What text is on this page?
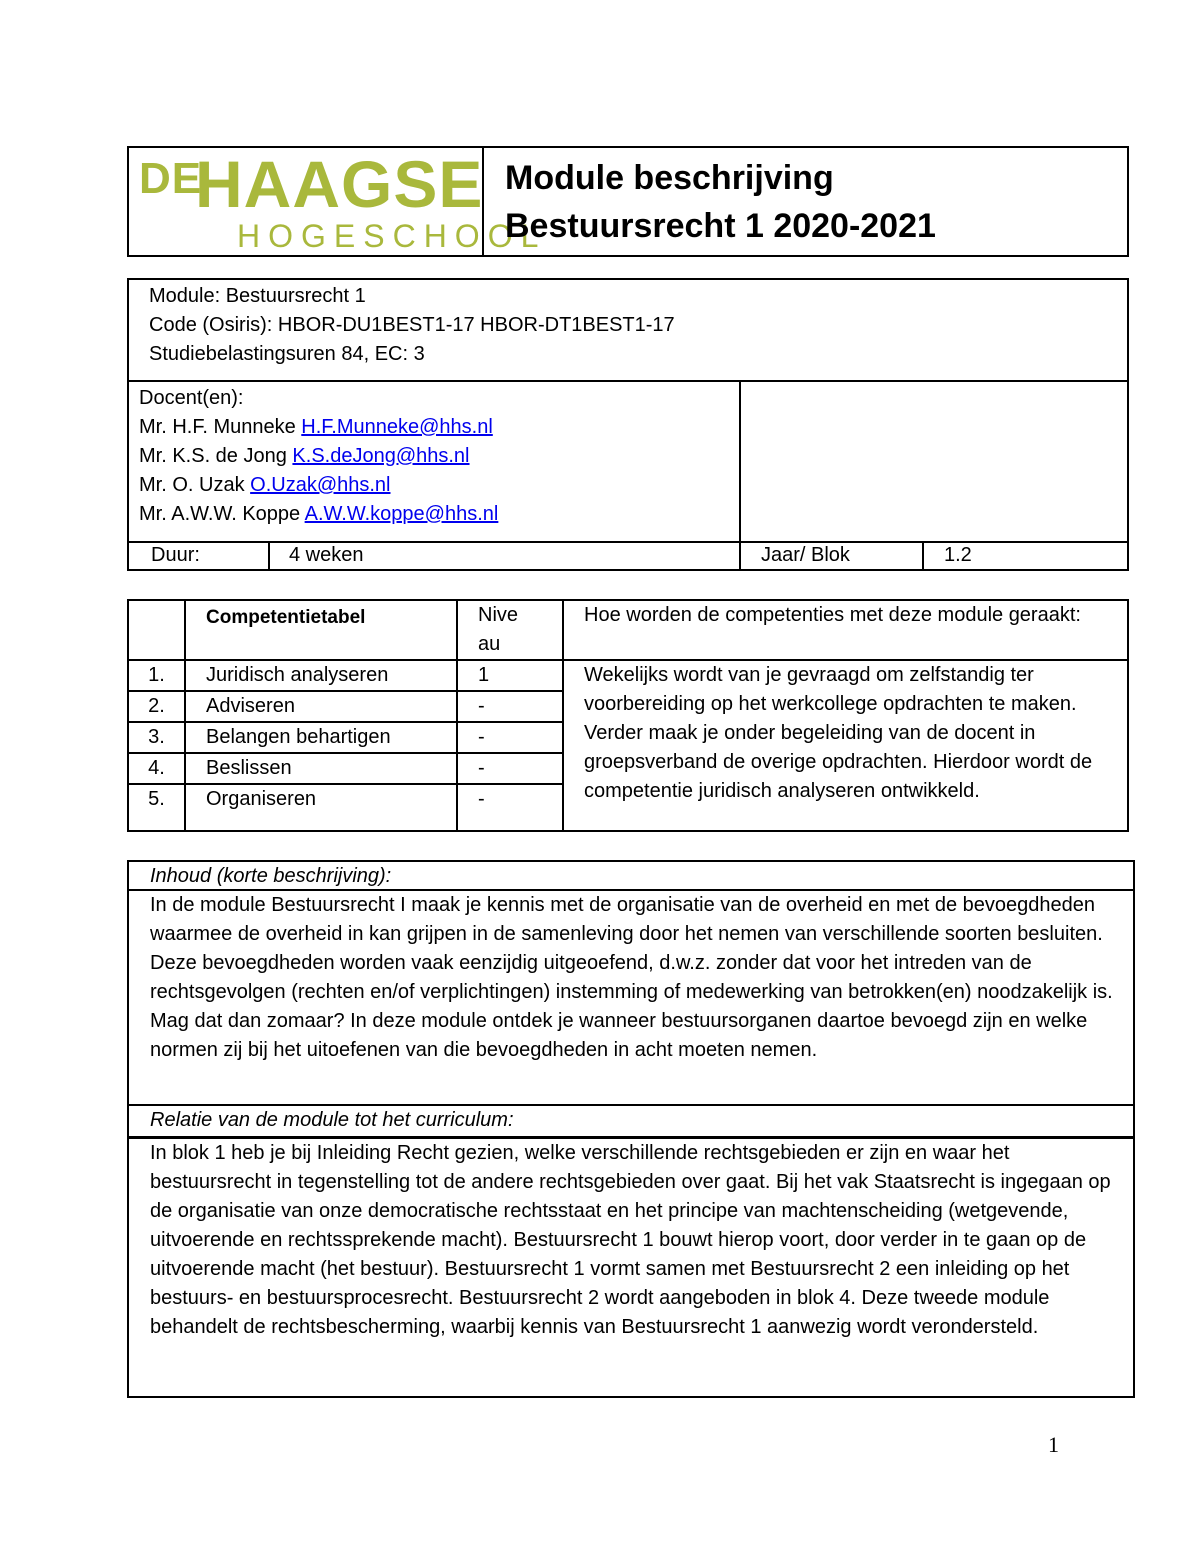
DE
HAAGSE
HOGESCHOOL
Module beschrijving
Bestuursrecht 1 2020-2021
Module: Bestuursrecht 1
Code (Osiris): HBOR-DU1BEST1-17 HBOR-DT1BEST1-17
Studiebelastingsuren 84, EC: 3
Docent(en):
Mr. H.F. Munneke H.F.Munneke@hhs.nl
Mr. K.S. de Jong K.S.deJong@hhs.nl
Mr. O. Uzak O.Uzak@hhs.nl
Mr. A.W.W. Koppe A.W.W.koppe@hhs.nl
Duur:	4 weken	Jaar/ Blok	1.2
	Competentietabel	Nive
au	Hoe worden de competenties met deze module geraakt:
1.	Juridisch analyseren	1	Wekelijks wordt van je gevraagd om zelfstandig ter voorbereiding op het werkcollege opdrachten te maken. Verder maak je onder begeleiding van de docent in groepsverband de overige opdrachten. Hierdoor wordt de competentie juridisch analyseren ontwikkeld.
2.	Adviseren	-	
3.	Belangen behartigen	-	
4.	Beslissen	-	
5.	Organiseren	-	
Inhoud (korte beschrijving):
In de module Bestuursrecht I maak je kennis met de organisatie van de overheid en met de bevoegdheden waarmee de overheid in kan grijpen in de samenleving door het nemen van verschillende soorten besluiten. Deze bevoegdheden worden vaak eenzijdig uitgeoefend, d.w.z. zonder dat voor het intreden van de rechtsgevolgen (rechten en/of verplichtingen) instemming of medewerking van betrokken(en) noodzakelijk is. Mag dat dan zomaar? In deze module ontdek je wanneer bestuursorganen daartoe bevoegd zijn en welke normen zij bij het uitoefenen van die bevoegdheden in acht moeten nemen.
Relatie van de module tot het curriculum:
In blok 1 heb je bij Inleiding Recht gezien, welke verschillende rechtsgebieden er zijn en waar het bestuursrecht in tegenstelling tot de andere rechtsgebieden over gaat. Bij het vak Staatsrecht is ingegaan op de organisatie van onze democratische rechtsstaat en het principe van machtenscheiding (wetgevende, uitvoerende en rechtssprekende macht). Bestuursrecht 1 bouwt hierop voort, door verder in te gaan op de uitvoerende macht (het bestuur). Bestuursrecht 1 vormt samen met Bestuursrecht 2 een inleiding op het bestuurs- en bestuursprocesrecht. Bestuursrecht 2 wordt aangeboden in blok 4. Deze tweede module behandelt de rechtsbescherming, waarbij kennis van Bestuursrecht 1 aanwezig wordt verondersteld.
1
